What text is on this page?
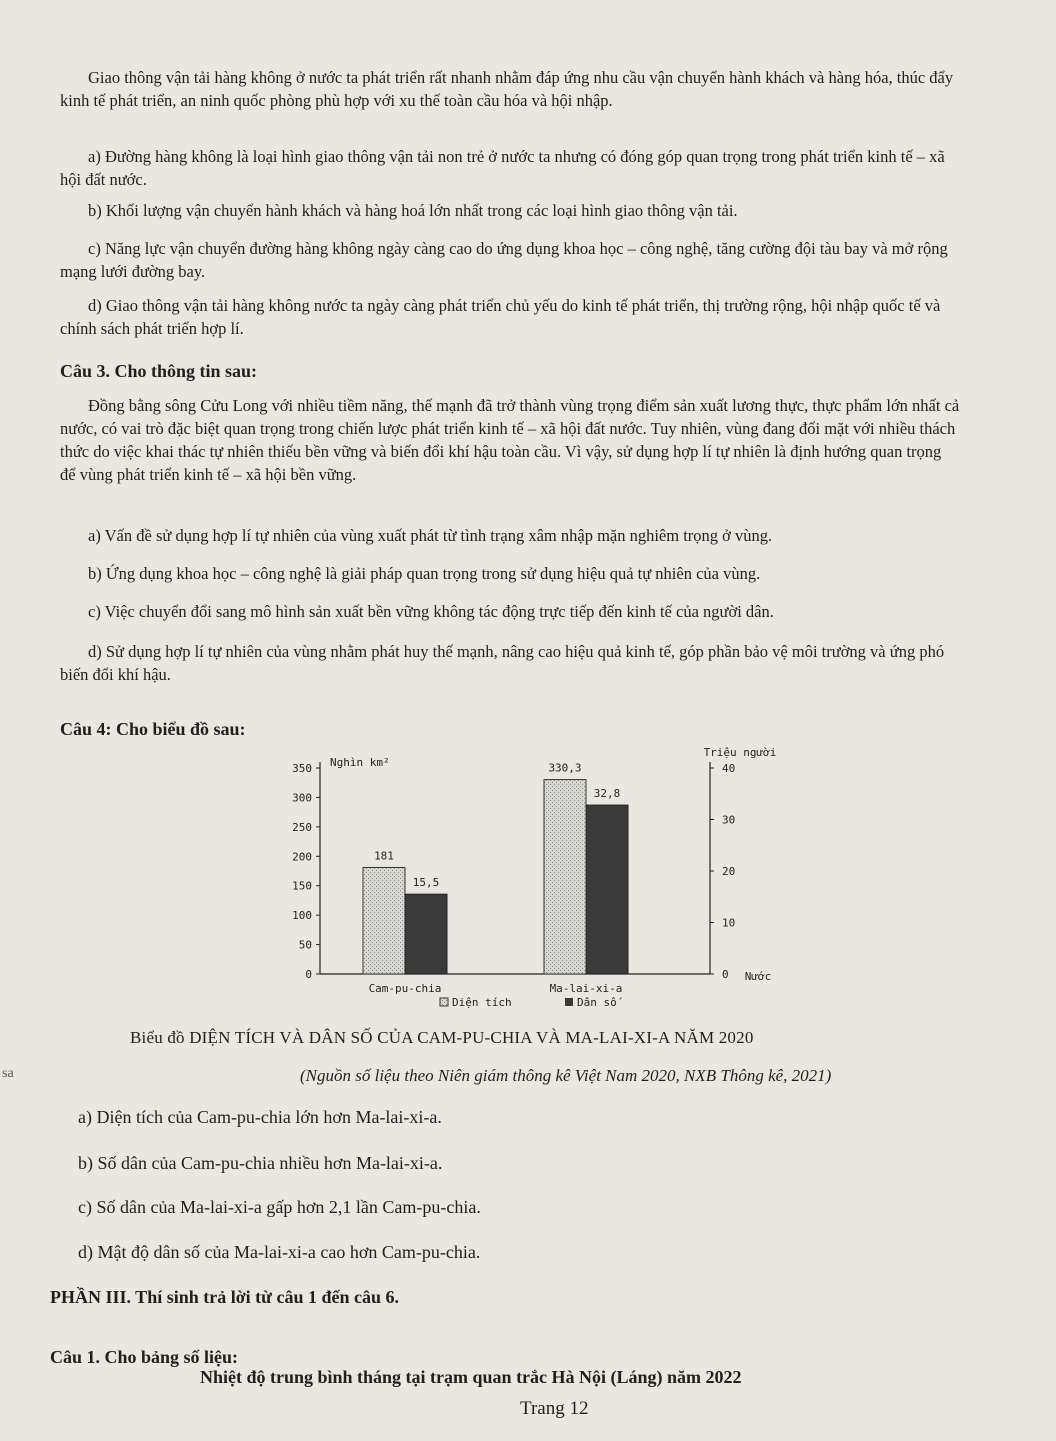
Giao thông vận tải hàng không ở nước ta phát triển rất nhanh nhằm đáp ứng nhu cầu vận chuyển hành khách và hàng hóa, thúc đẩy kinh tế phát triển, an ninh quốc phòng phù hợp với xu thế toàn cầu hóa và hội nhập.
a) Đường hàng không là loại hình giao thông vận tải non trẻ ở nước ta nhưng có đóng góp quan trọng trong phát triển kinh tế – xã hội đất nước.
b) Khối lượng vận chuyển hành khách và hàng hoá lớn nhất trong các loại hình giao thông vận tải.
c) Năng lực vận chuyển đường hàng không ngày càng cao do ứng dụng khoa học – công nghệ, tăng cường đội tàu bay và mở rộng mạng lưới đường bay.
d) Giao thông vận tải hàng không nước ta ngày càng phát triển chủ yếu do kinh tế phát triển, thị trường rộng, hội nhập quốc tế và chính sách phát triển hợp lí.
Câu 3. Cho thông tin sau:
Đồng bằng sông Cửu Long với nhiều tiềm năng, thế mạnh đã trở thành vùng trọng điểm sản xuất lương thực, thực phẩm lớn nhất cả nước, có vai trò đặc biệt quan trọng trong chiến lược phát triển kinh tế – xã hội đất nước. Tuy nhiên, vùng đang đối mặt với nhiều thách thức do việc khai thác tự nhiên thiếu bền vững và biến đổi khí hậu toàn cầu. Vì vậy, sử dụng hợp lí tự nhiên là định hướng quan trọng để vùng phát triển kinh tế – xã hội bền vững.
a) Vấn đề sử dụng hợp lí tự nhiên của vùng xuất phát từ tình trạng xâm nhập mặn nghiêm trọng ở vùng.
b) Ứng dụng khoa học – công nghệ là giải pháp quan trọng trong sử dụng hiệu quả tự nhiên của vùng.
c) Việc chuyển đổi sang mô hình sản xuất bền vững không tác động trực tiếp đến kinh tế của người dân.
d) Sử dụng hợp lí tự nhiên của vùng nhằm phát huy thế mạnh, nâng cao hiệu quả kinh tế, góp phần bảo vệ môi trường và ứng phó biến đổi khí hậu.
Câu 4: Cho biểu đồ sau:
0
50
100
150
200
250
300
350
0
10
20
30
40
Nghìn km²
Triệu người
Nước
181
15,5
Cam-pu-chia
330,3
32,8
Ma-lai-xi-a
Diện tích	Dân số
Biểu đồ DIỆN TÍCH VÀ DÂN SỐ CỦA CAM-PU-CHIA VÀ MA-LAI-XI-A NĂM 2020
sa	(Nguồn số liệu theo Niên giám thông kê Việt Nam 2020, NXB Thông kê, 2021)
a) Diện tích của Cam-pu-chia lớn hơn Ma-lai-xi-a.
b) Số dân của Cam-pu-chia nhiều hơn Ma-lai-xi-a.
c) Số dân của Ma-lai-xi-a gấp hơn 2,1 lần Cam-pu-chia.
d) Mật độ dân số của Ma-lai-xi-a cao hơn Cam-pu-chia.
PHẦN III. Thí sinh trả lời từ câu 1 đến câu 6.
Câu 1. Cho bảng số liệu:
Nhiệt độ trung bình tháng tại trạm quan trắc Hà Nội (Láng) năm 2022
Trang 12
